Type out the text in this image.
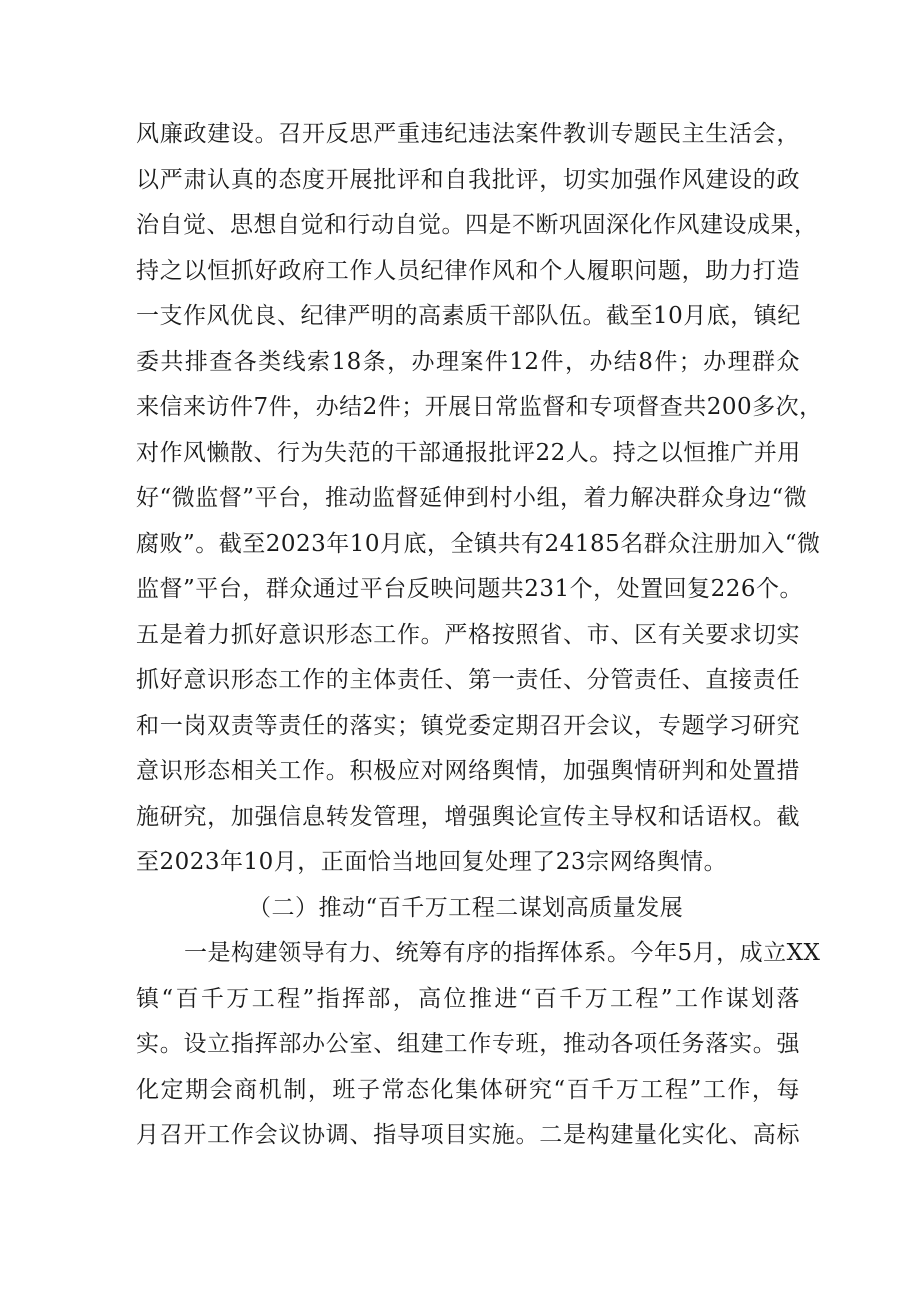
风廉政建设。召开反思严重违纪违法案件教训专题民主生活会，
以严肃认真的态度开展批评和自我批评，切实加强作风建设的政
治自觉、思想自觉和行动自觉。四是不断巩固深化作风建设成果，
持之以恒抓好政府工作人员纪律作风和个人履职问题，助力打造
一支作风优良、纪律严明的高素质干部队伍。截至10月底，镇纪
委共排查各类线索18条，办理案件12件，办结8件；办理群众
来信来访件7件，办结2件；开展日常监督和专项督查共200多次，
对作风懒散、行为失范的干部通报批评22人。持之以恒推广并用
好“微监督”平台，推动监督延伸到村小组，着力解决群众身边“微
腐败”。截至2023年10月底，全镇共有24185名群众注册加入“微
监督”平台，群众通过平台反映问题共231个，处置回复226个。
五是着力抓好意识形态工作。严格按照省、市、区有关要求切实
抓好意识形态工作的主体责任、第一责任、分管责任、直接责任
和一岗双责等责任的落实；镇党委定期召开会议，专题学习研究
意识形态相关工作。积极应对网络舆情，加强舆情研判和处置措
施研究，加强信息转发管理，增强舆论宣传主导权和话语权。截
至2023年10月，正面恰当地回复处理了23宗网络舆情。
（二）推动“百千万工程二谋划高质量发展
一是构建领导有力、统筹有序的指挥体系。今年5月，成立XX
镇“百千万工程”指挥部，高位推进“百千万工程”工作谋划落
实。设立指挥部办公室、组建工作专班，推动各项任务落实。强
化定期会商机制，班子常态化集体研究“百千万工程”工作，每
月召开工作会议协调、指导项目实施。二是构建量化实化、高标
